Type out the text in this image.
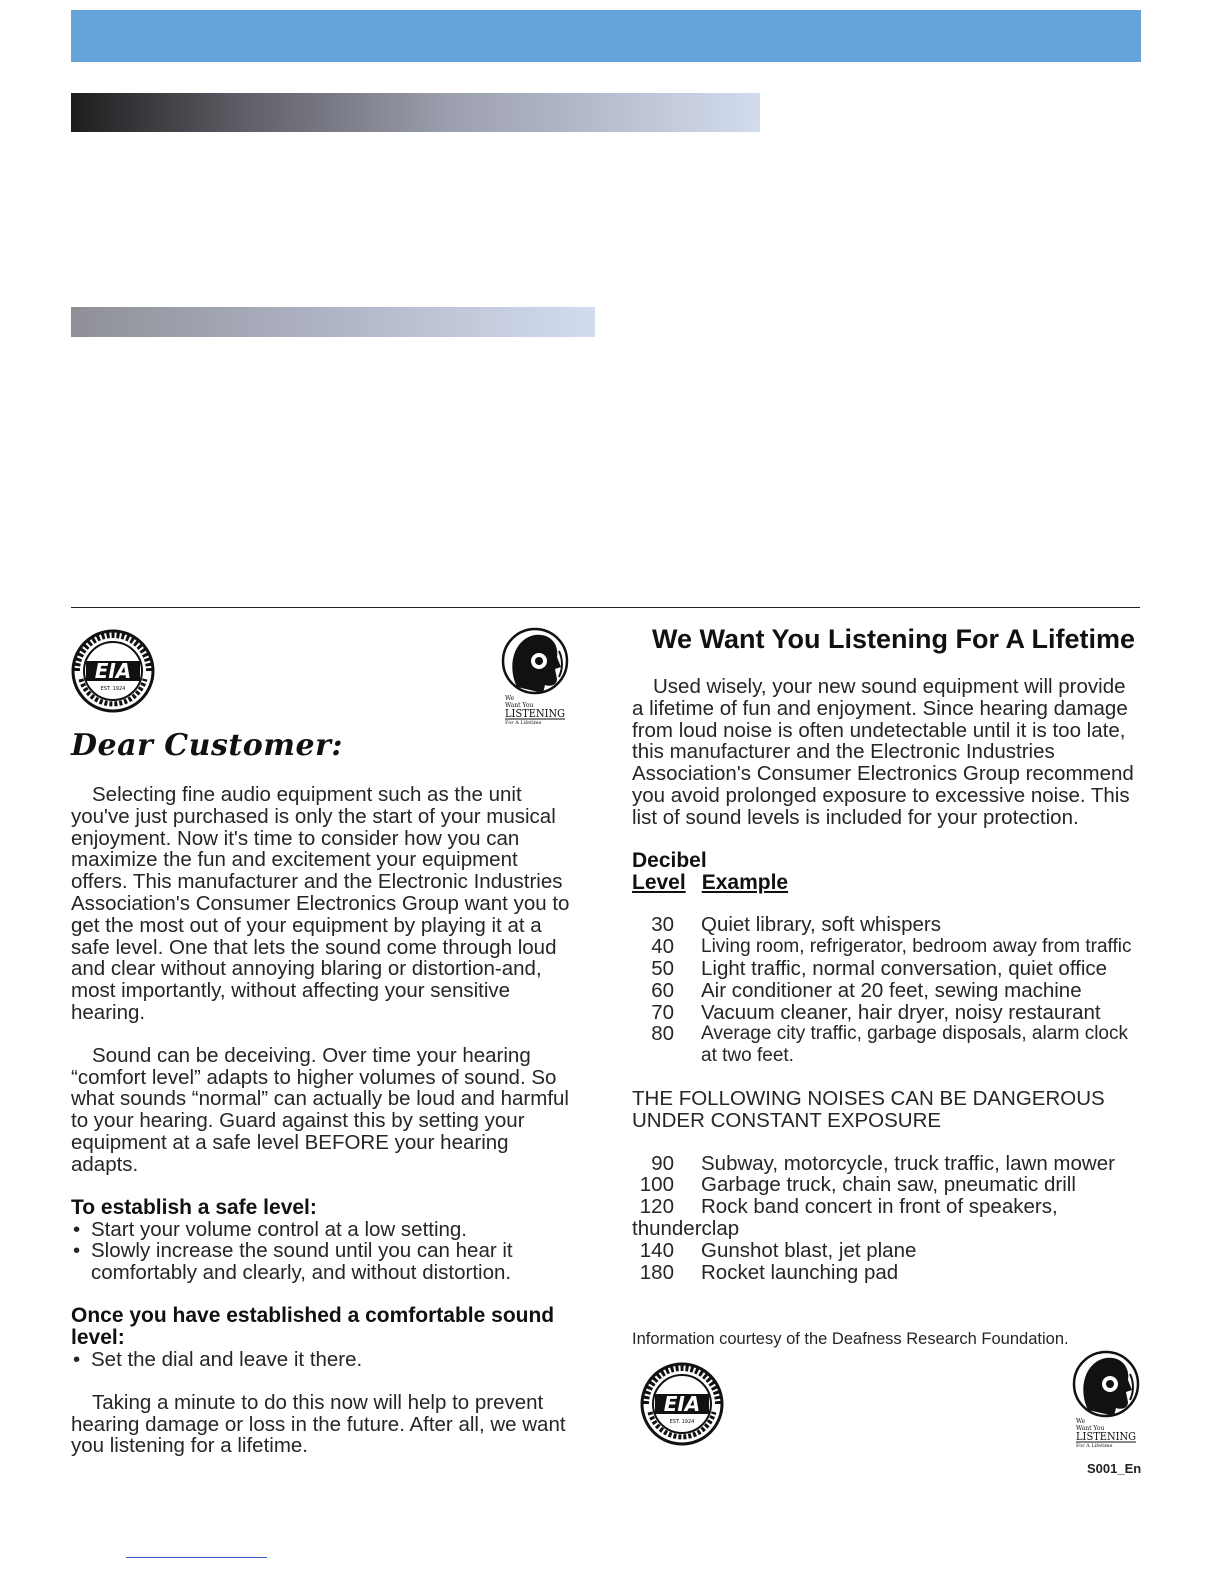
EIA
EST. 1924
We
Want You
LISTENING
For A Lifetime
Dear Customer:

Selecting fine audio equipment such as the unit you've just purchased is only the start of your musical enjoyment. Now it's time to consider how you can maximize the fun and excitement your equipment offers. This manufacturer and the Electronic Industries Association's Consumer Electronics Group want you to get the most out of your equipment by playing it at a safe level. One that lets the sound come through loud and clear without annoying blaring or distortion-and, most importantly, without affecting your sensitive hearing.

Sound can be deceiving. Over time your hearing “comfort level” adapts to higher volumes of sound. So what sounds “normal” can actually be loud and harmful to your hearing. Guard against this by setting your equipment at a safe level BEFORE your hearing adapts.

To establish a safe level:

• Start your volume control at a low setting.

• Slowly increase the sound until you can hear it comfortably and clearly, and without distortion.

Once you have established a comfortable sound level:

• Set the dial and leave it there.

Taking a minute to do this now will help to prevent hearing damage or loss in the future. After all, we want you listening for a lifetime.

We Want You Listening For A Lifetime

Used wisely, your new sound equipment will provide a lifetime of fun and enjoyment. Since hearing damage from loud noise is often undetectable until it is too late, this manufacturer and the Electronic Industries Association's Consumer Electronics Group recommend you avoid prolonged exposure to excessive noise. This list of sound levels is included for your protection.

Decibel

Level Example
30 Quiet library, soft whispers
40 Living room, refrigerator, bedroom away from traffic
50 Light traffic, normal conversation, quiet office
60 Air conditioner at 20 feet, sewing machine
70 Vacuum cleaner, hair dryer, noisy restaurant
80 Average city traffic, garbage disposals, alarm clock at two feet.

THE FOLLOWING NOISES CAN BE DANGEROUS UNDER CONSTANT EXPOSURE

90 Subway, motorcycle, truck traffic, lawn mower
100 Garbage truck, chain saw, pneumatic drill
120 Rock band concert in front of speakers,
thunderclap
140 Gunshot blast, jet plane
180 Rocket launching pad
Information courtesy of the Deafness Research Foundation.
EIA
EST. 1924	We
Want You
LISTENING
For A Lifetime
S001_En
